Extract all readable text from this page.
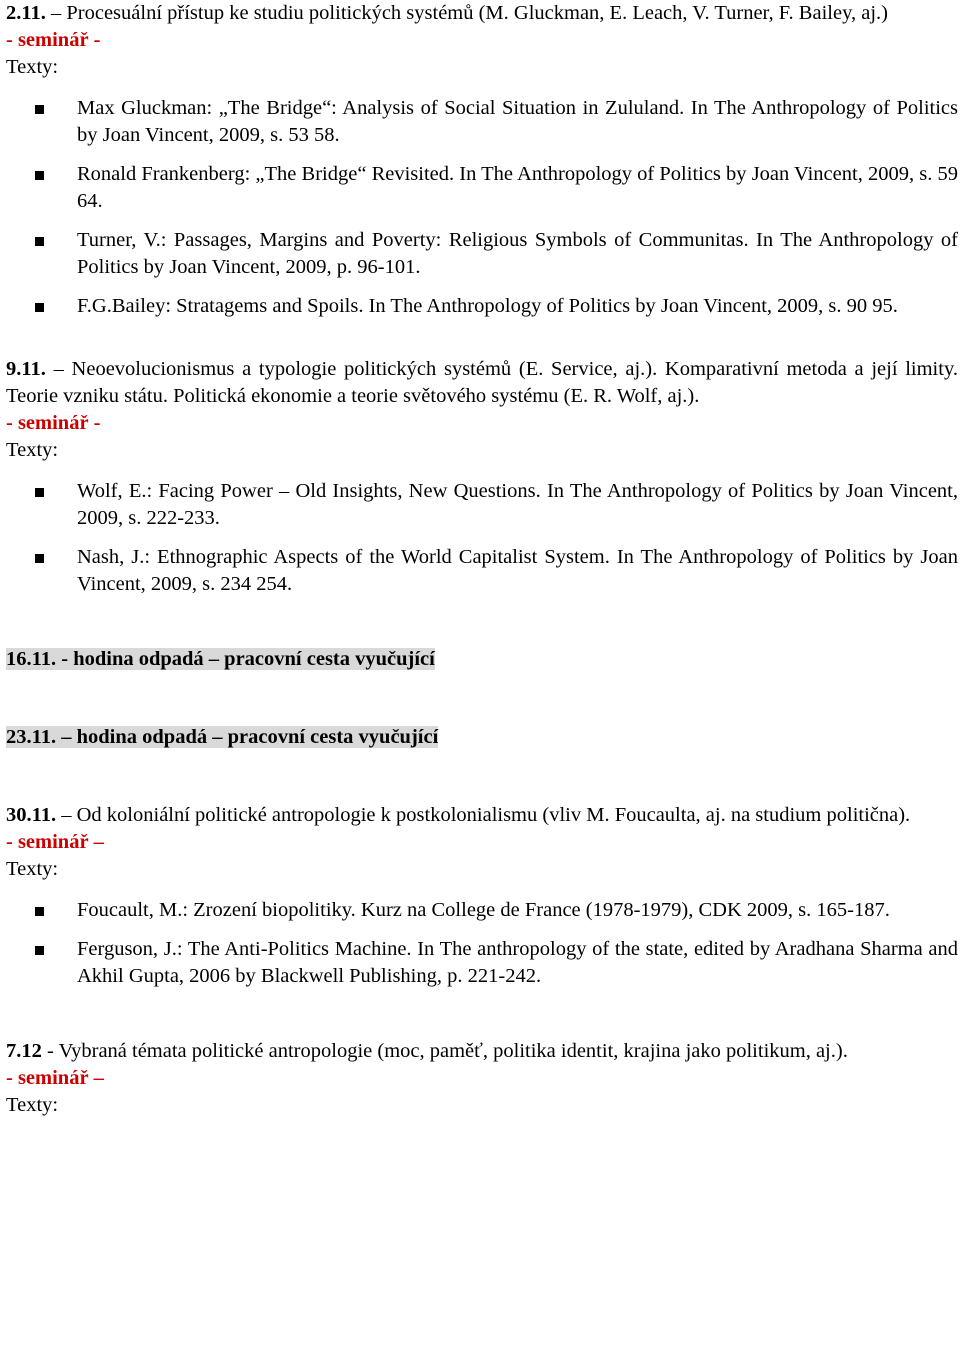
2.11. – Procesuální přístup ke studiu politických systémů (M. Gluckman, E. Leach, V. Turner, F. Bailey, aj.)

- seminář -
Texty:
Max Gluckman: „The Bridge“: Analysis of Social Situation in Zululand. In The Anthropology of Politics by Joan Vincent, 2009, s. 53 58.
Ronald Frankenberg: „The Bridge“ Revisited. In The Anthropology of Politics by Joan Vincent, 2009, s. 59 64.
Turner, V.: Passages, Margins and Poverty: Religious Symbols of Communitas. In The Anthropology of Politics by Joan Vincent, 2009, p. 96-101.
F.G.Bailey: Stratagems and Spoils. In The Anthropology of Politics by Joan Vincent, 2009, s. 90 95.

9.11. – Neoevolucionismus a typologie politických systémů (E. Service, aj.). Komparativní metoda a její limity. Teorie vzniku státu. Politická ekonomie a teorie světového systému (E. R. Wolf, aj.).

- seminář -
Texty:
Wolf, E.: Facing Power – Old Insights, New Questions. In The Anthropology of Politics by Joan Vincent, 2009, s. 222-233.
Nash, J.: Ethnographic Aspects of the World Capitalist System. In The Anthropology of Politics by Joan Vincent, 2009, s. 234 254.

16.11. - hodina odpadá – pracovní cesta vyučující

23.11. – hodina odpadá – pracovní cesta vyučující

30.11. – Od koloniální politické antropologie k postkolonialismu (vliv M. Foucaulta, aj. na studium politična).

- seminář –
Texty:
Foucault, M.: Zrození biopolitiky. Kurz na College de France (1978-1979), CDK 2009, s. 165-187.
Ferguson, J.: The Anti-Politics Machine. In The anthropology of the state, edited by Aradhana Sharma and Akhil Gupta, 2006 by Blackwell Publishing, p. 221-242.

7.12 - Vybraná témata politické antropologie (moc, paměť, politika identit, krajina jako politikum, aj.).

- seminář –
Texty:
